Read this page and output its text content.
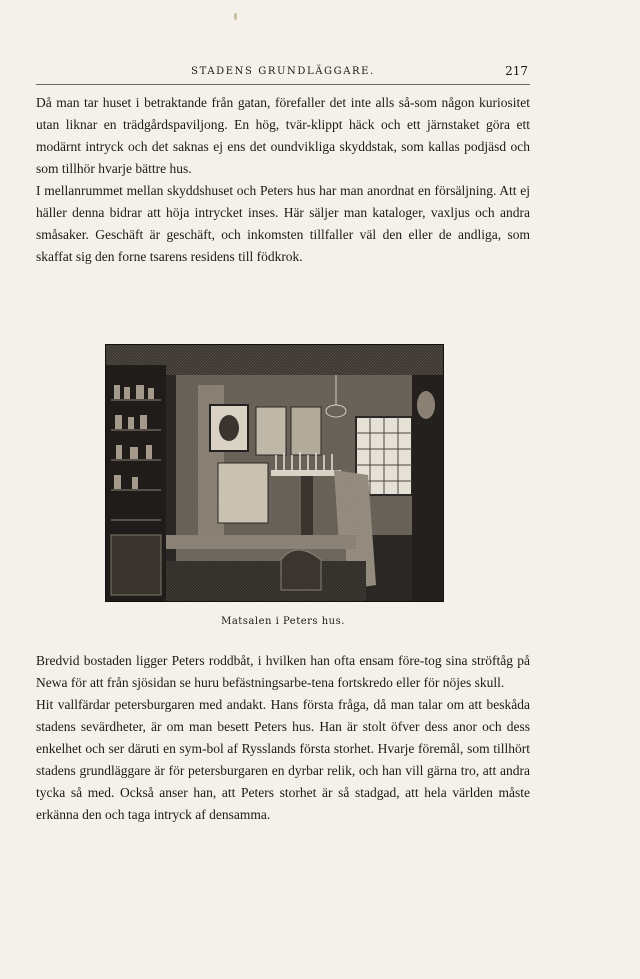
STADENS GRUNDLÄGGARE.	217

Då man tar huset i betraktande från gatan, förefaller det inte alls så-som någon kuriositet utan liknar en trädgårdspaviljong. En hög, tvär-klippt häck och ett järnstaket göra ett modärnt intryck och det saknas ej ens det oundvikliga skyddstak, som kallas podjäsd och som tillhör hvarje bättre hus.

I mellanrummet mellan skyddshuset och Peters hus har man anordnat en försäljning. Att ej häller denna bidrar att höja intrycket inses. Här säljer man kataloger, vaxljus och andra småsaker. Geschäft är geschäft, och inkomsten tillfaller väl den eller de andliga, som skaffat sig den forne tsarens residens till födkrok.

Matsalen i Peters hus.

Bredvid bostaden ligger Peters roddbåt, i hvilken han ofta ensam före-tog sina ströftåg på Newa för att från sjösidan se huru befästningsarbe-tena fortskredo eller för nöjes skull.

Hit vallfärdar petersburgaren med andakt. Hans första fråga, då man talar om att beskåda stadens sevärdheter, är om man besett Peters hus. Han är stolt öfver dess anor och dess enkelhet och ser däruti en sym-bol af Rysslands första storhet. Hvarje föremål, som tillhört stadens grundläggare är för petersburgaren en dyrbar relik, och han vill gärna tro, att andra tycka så med. Också anser han, att Peters storhet är så stadgad, att hela världen måste erkänna den och taga intryck af densamma.
